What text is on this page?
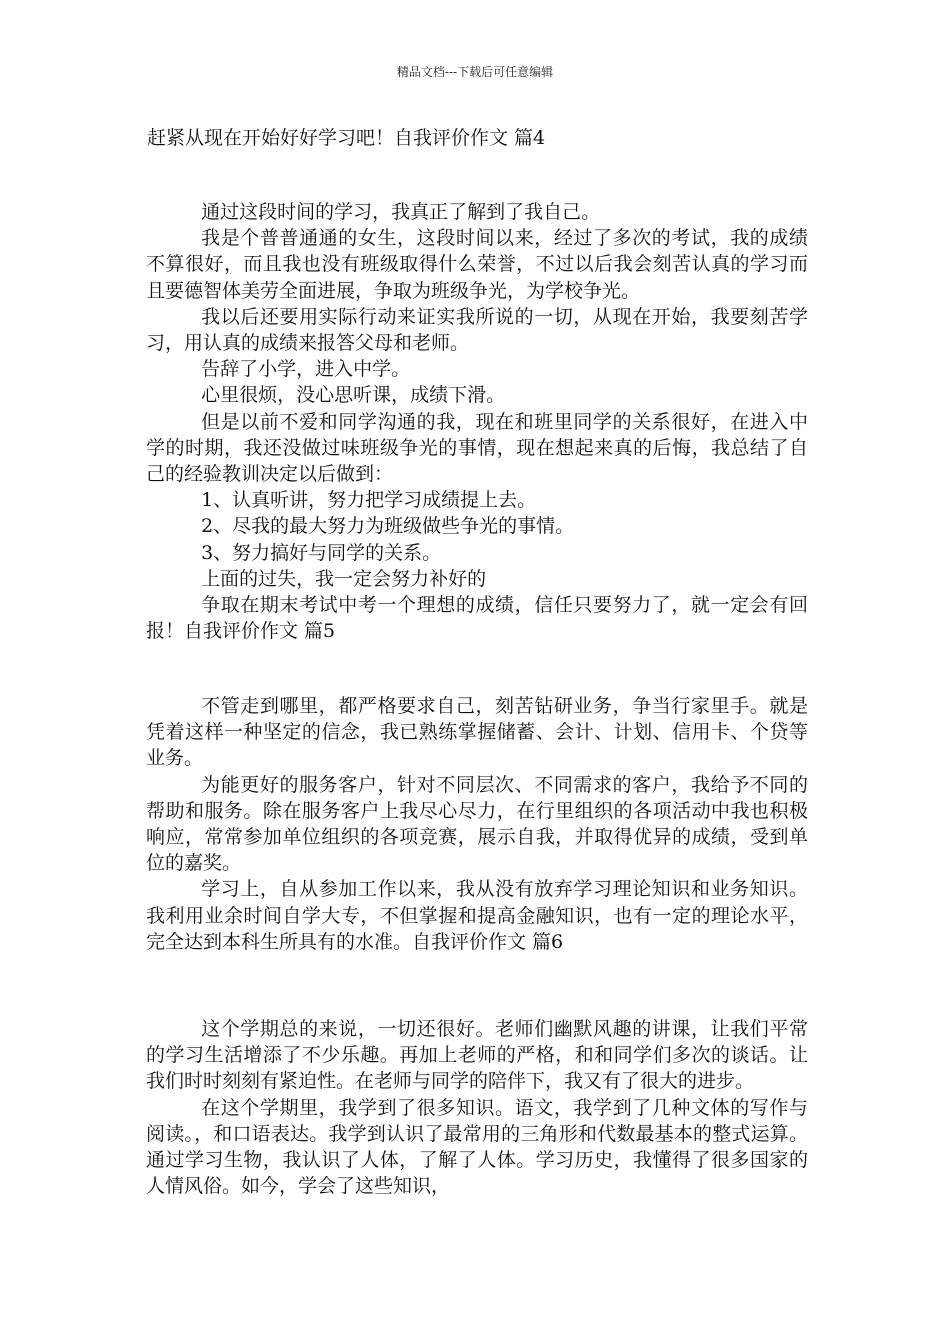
精品文档---下载后可任意编辑
赶紧从现在开始好好学习吧！自我评价作文 篇4

通过这段时间的学习，我真正了解到了我自己。

我是个普普通通的女生，这段时间以来，经过了多次的考试，我的成绩不算很好，而且我也没有班级取得什么荣誉，不过以后我会刻苦认真的学习而且要德智体美劳全面进展，争取为班级争光，为学校争光。

我以后还要用实际行动来证实我所说的一切，从现在开始，我要刻苦学习，用认真的成绩来报答父母和老师。

告辞了小学，进入中学。

心里很烦，没心思听课，成绩下滑。

但是以前不爱和同学沟通的我，现在和班里同学的关系很好，在进入中学的时期，我还没做过味班级争光的事情，现在想起来真的后悔，我总结了自己的经验教训决定以后做到：

1、认真听讲，努力把学习成绩提上去。

2、尽我的最大努力为班级做些争光的事情。

3、努力搞好与同学的关系。

上面的过失，我一定会努力补好的

争取在期末考试中考一个理想的成绩，信任只要努力了，就一定会有回报！自我评价作文 篇5

不管走到哪里，都严格要求自己，刻苦钻研业务，争当行家里手。就是凭着这样一种坚定的信念，我已熟练掌握储蓄、会计、计划、信用卡、个贷等业务。

为能更好的服务客户，针对不同层次、不同需求的客户，我给予不同的帮助和服务。除在服务客户上我尽心尽力，在行里组织的各项活动中我也积极响应，常常参加单位组织的各项竞赛，展示自我，并取得优异的成绩，受到单位的嘉奖。

学习上，自从参加工作以来，我从没有放弃学习理论知识和业务知识。我利用业余时间自学大专，不但掌握和提高金融知识，也有一定的理论水平，完全达到本科生所具有的水准。自我评价作文 篇6

这个学期总的来说，一切还很好。老师们幽默风趣的讲课，让我们平常的学习生活增添了不少乐趣。再加上老师的严格，和和同学们多次的谈话。让我们时时刻刻有紧迫性。在老师与同学的陪伴下，我又有了很大的进步。

在这个学期里，我学到了很多知识。语文，我学到了几种文体的写作与阅读。，和口语表达。我学到认识了最常用的三角形和代数最基本的整式运算。通过学习生物，我认识了人体，了解了人体。学习历史，我懂得了很多国家的人情风俗。如今，学会了这些知识，
